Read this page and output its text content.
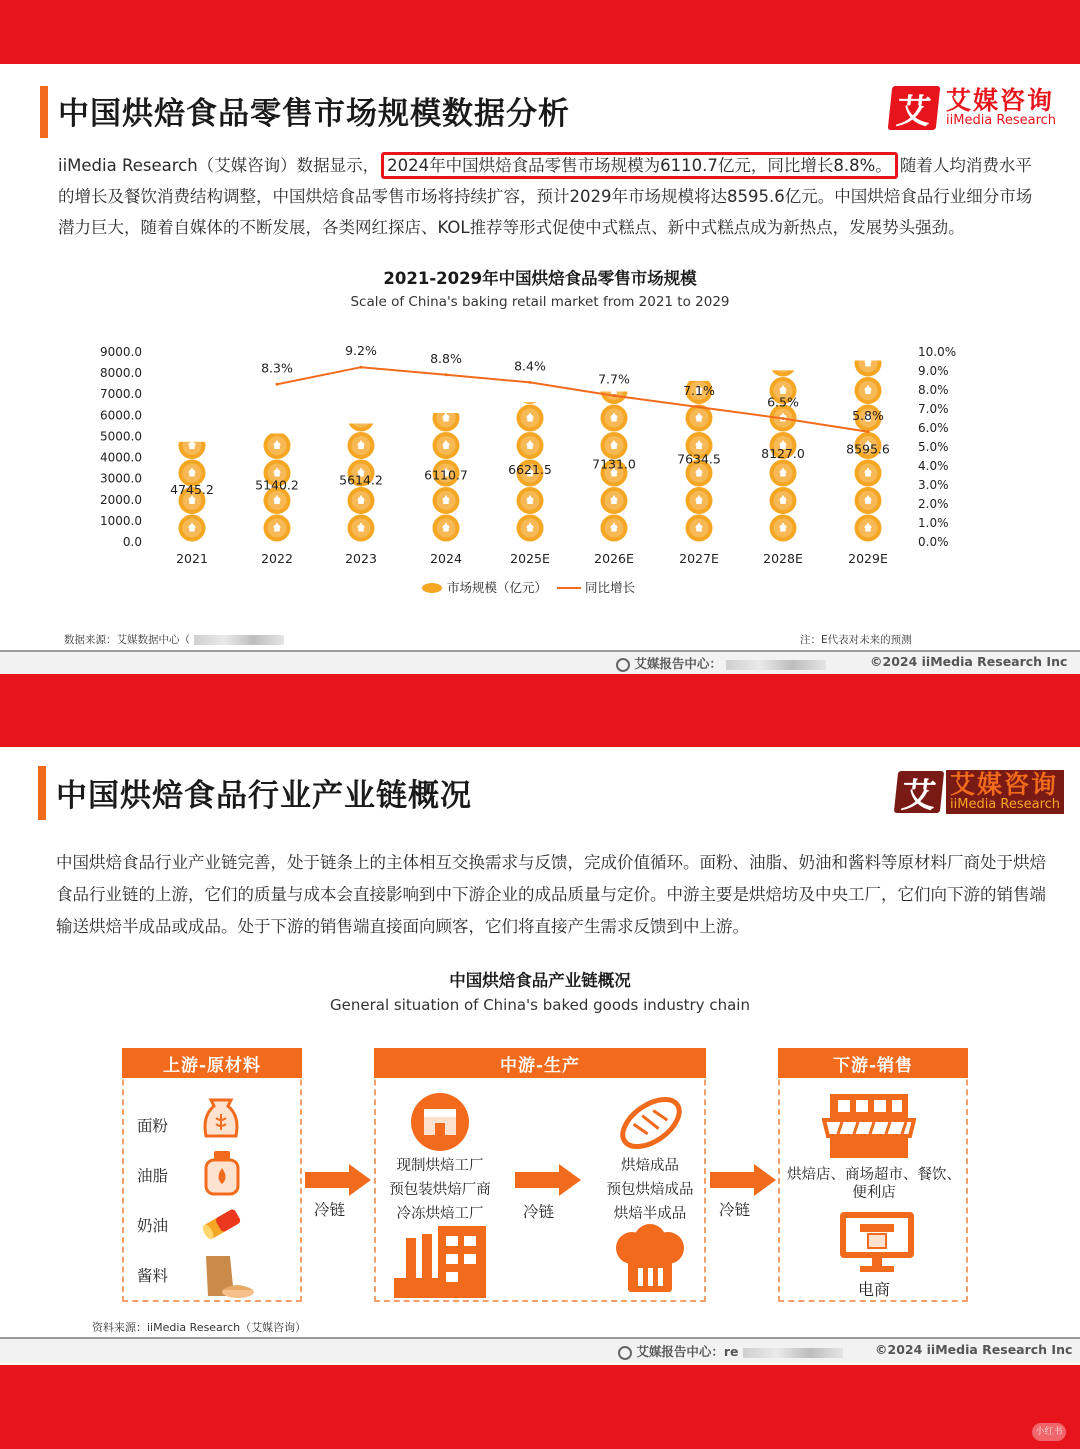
中国烘焙食品零售市场规模数据分析	艾 艾媒咨询
iiMedia Research
iiMedia Research（艾媒咨询）数据显示， 2024年中国烘焙食品零售市场规模为6110.7亿元，同比增长8.8%。 随着人均消费水平的增长及餐饮消费结构调整，中国烘焙食品零售市场将持续扩容，预计2029年市场规模将达8595.6亿元。中国烘焙食品行业细分市场潜力巨大，随着自媒体的不断发展，各类网红探店、KOL推荐等形式促使中式糕点、新中式糕点成为新热点，发展势头强劲。
2021-2029年中国烘焙食品零售市场规模
Scale of China's baking retail market from 2021 to 2029
4745.2	5140.2	5614.2	6110.7	6621.5	7131.0	7634.5	8127.0	8595.6
8.3%
9.2%
8.8%
8.4%
7.7%
7.1%
6.5%
5.8%
0.0
1000.0
2000.0
3000.0
4000.0
5000.0
6000.0
7000.0
8000.0
9000.0
0.0%
1.0%
2.0%
3.0%
4.0%
5.0%
6.0%
7.0%
8.0%
9.0%
10.0%
2021	2022	2023	2024	2025E	2026E	2027E	2028E	2029E
市场规模（亿元）	同比增长
数据来源：艾媒数据中心（	注：E代表对未来的预测
艾媒报告中心：	©2024 iiMedia Research Inc
中国烘焙食品行业产业链概况	艾 艾媒咨询
iiMedia Research
中国烘焙食品行业产业链完善，处于链条上的主体相互交换需求与反馈，完成价值循环。面粉、油脂、奶油和酱料等原材料厂商处于烘焙食品行业链的上游，它们的质量与成本会直接影响到中下游企业的成品质量与定价。中游主要是烘焙坊及中央工厂，它们向下游的销售端输送烘焙半成品或成品。处于下游的销售端直接面向顾客，它们将直接产生需求反馈到中上游。
中国烘焙食品产业链概况
General situation of China's baked goods industry chain
上游-原材料
面粉
油脂
奶油
酱料
冷链
中游-生产
现制烘焙工厂
预包装烘焙厂商
冷冻烘焙工厂	冷链
烘焙成品
预包烘焙成品
烘焙半成品	冷链
下游-销售
烘焙店、商场超市、餐饮、
便利店
电商
资料来源：iiMedia Research（艾媒咨询）
艾媒报告中心：re	©2024 iiMedia Research Inc
小红书
